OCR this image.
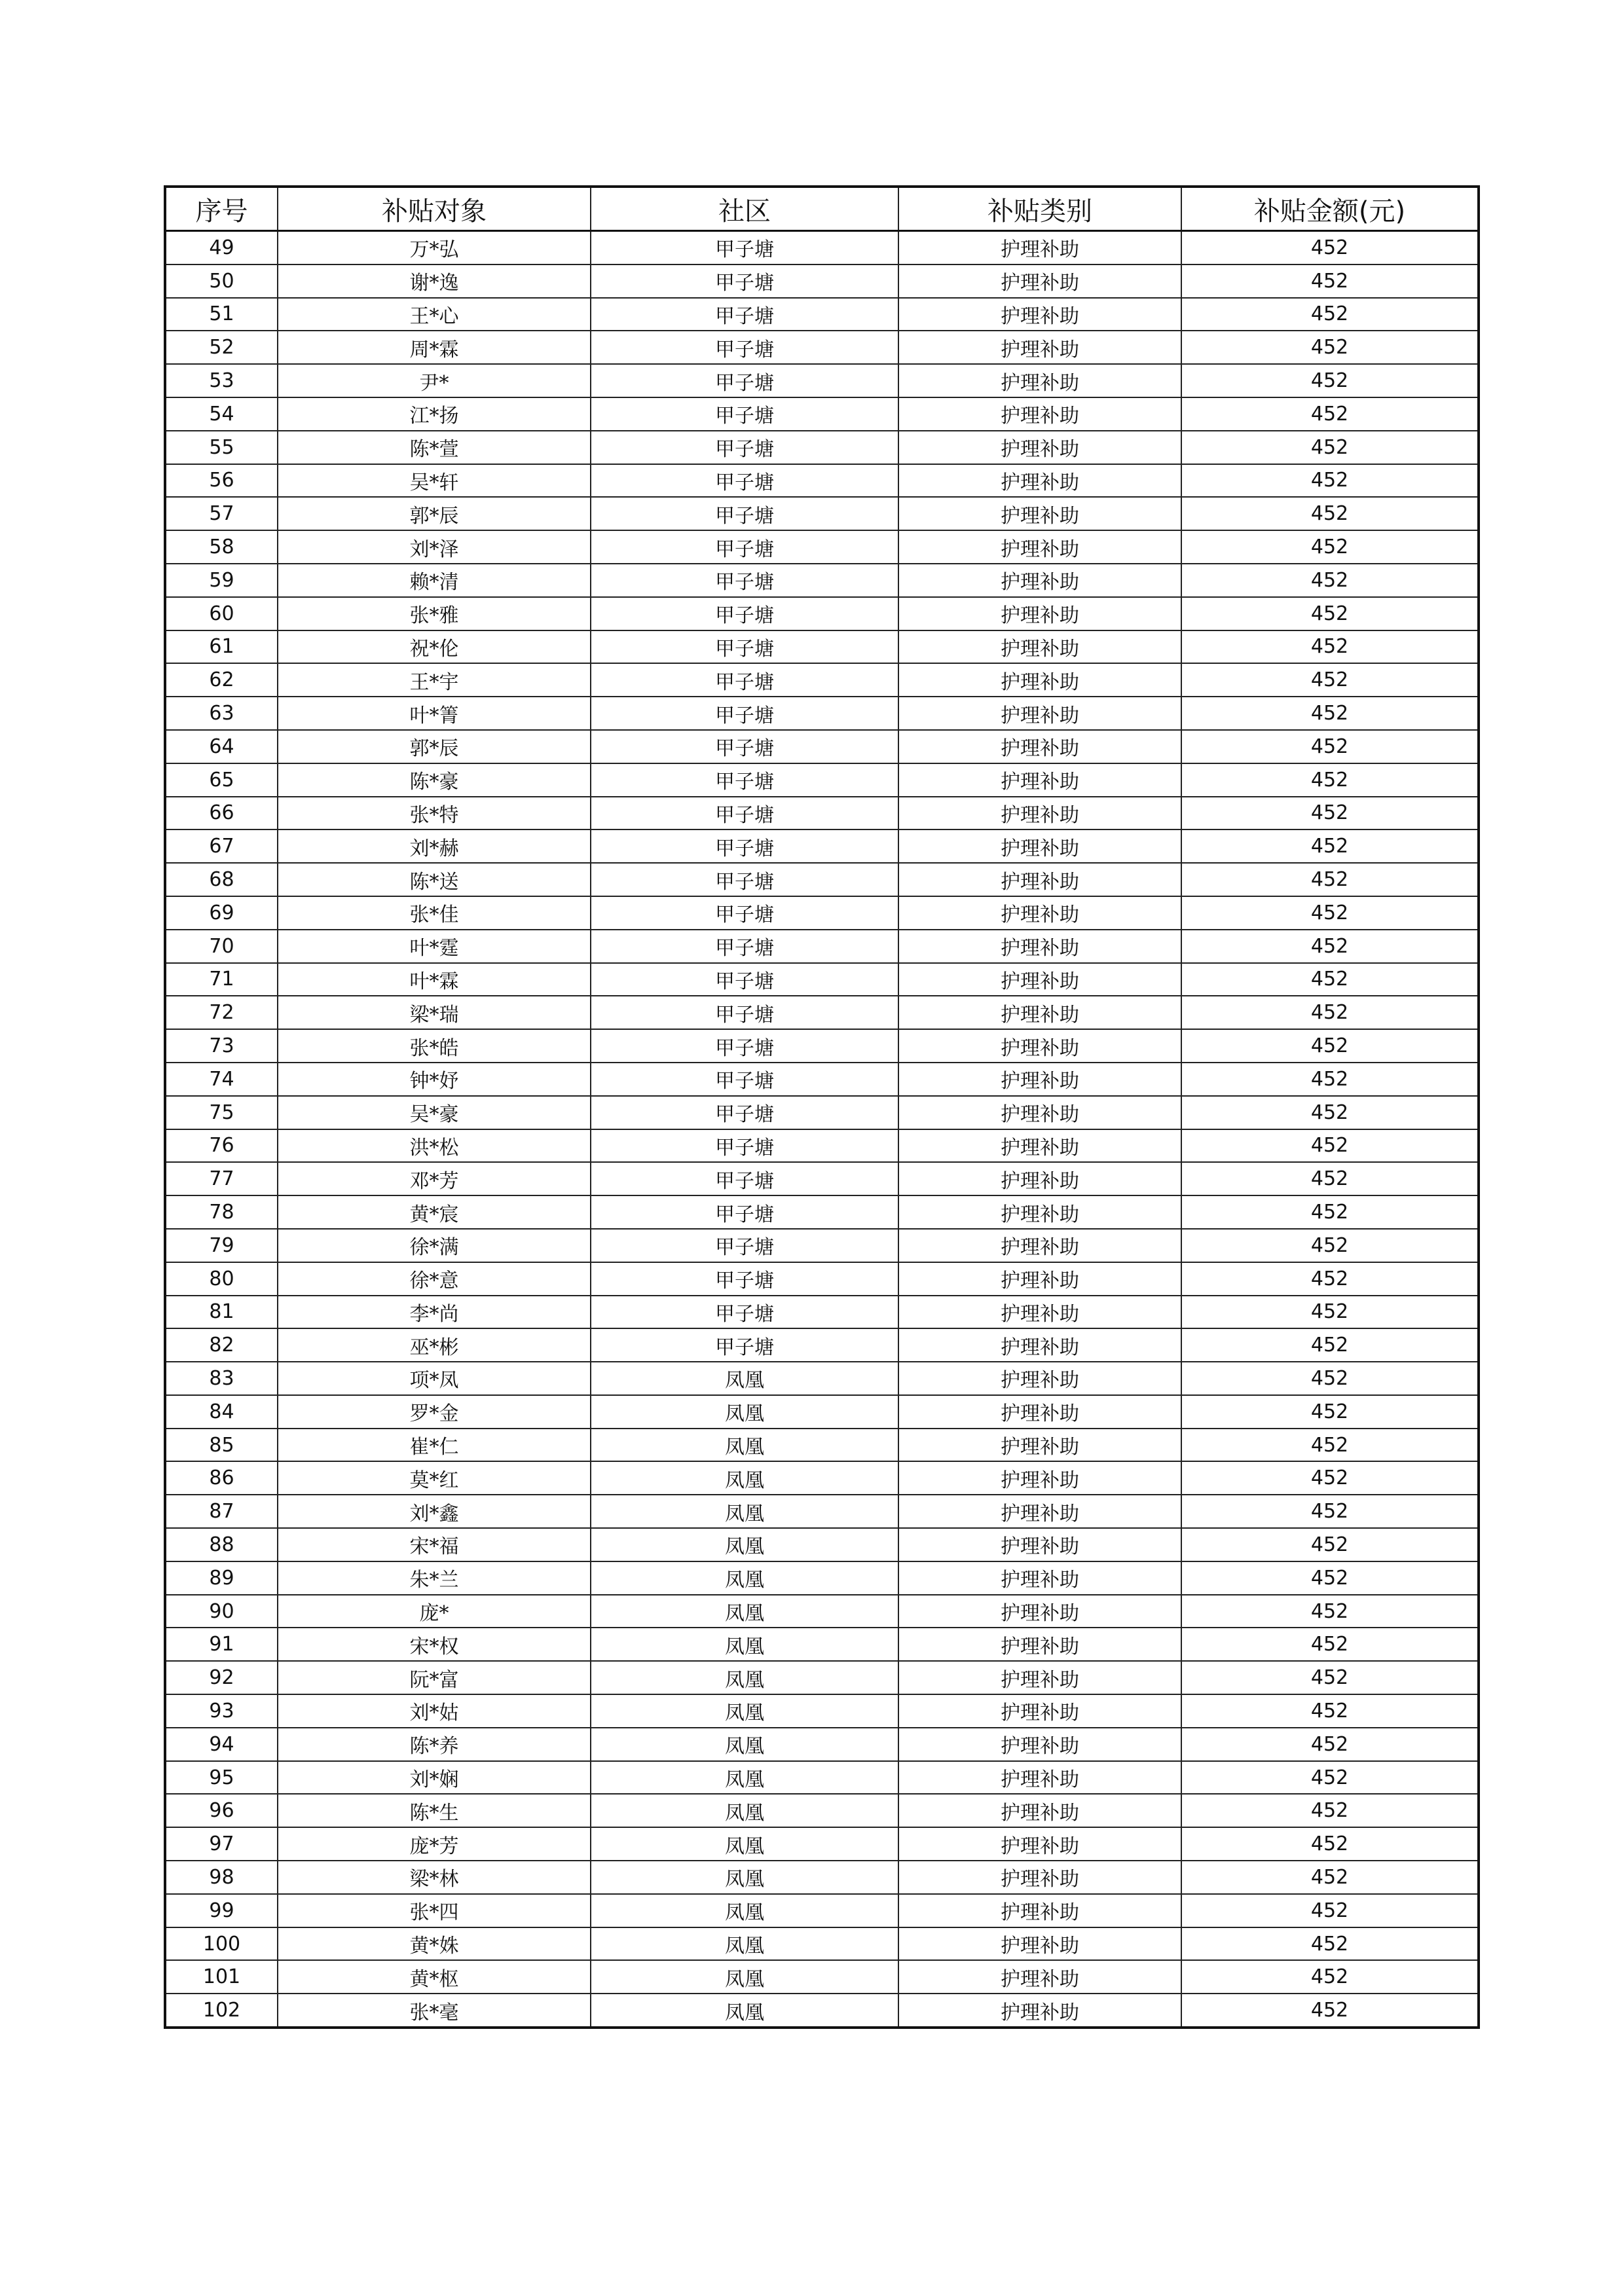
序号	补贴对象	社区	补贴类别	补贴金额(元)
49	万*弘	甲子塘	护理补助	452
50	谢*逸	甲子塘	护理补助	452
51	王*心	甲子塘	护理补助	452
52	周*霖	甲子塘	护理补助	452
53	尹*	甲子塘	护理补助	452
54	江*扬	甲子塘	护理补助	452
55	陈*萱	甲子塘	护理补助	452
56	吴*轩	甲子塘	护理补助	452
57	郭*辰	甲子塘	护理补助	452
58	刘*泽	甲子塘	护理补助	452
59	赖*清	甲子塘	护理补助	452
60	张*雅	甲子塘	护理补助	452
61	祝*伦	甲子塘	护理补助	452
62	王*宇	甲子塘	护理补助	452
63	叶*箐	甲子塘	护理补助	452
64	郭*辰	甲子塘	护理补助	452
65	陈*豪	甲子塘	护理补助	452
66	张*特	甲子塘	护理补助	452
67	刘*赫	甲子塘	护理补助	452
68	陈*送	甲子塘	护理补助	452
69	张*佳	甲子塘	护理补助	452
70	叶*霆	甲子塘	护理补助	452
71	叶*霖	甲子塘	护理补助	452
72	梁*瑞	甲子塘	护理补助	452
73	张*皓	甲子塘	护理补助	452
74	钟*妤	甲子塘	护理补助	452
75	吴*豪	甲子塘	护理补助	452
76	洪*松	甲子塘	护理补助	452
77	邓*芳	甲子塘	护理补助	452
78	黄*宸	甲子塘	护理补助	452
79	徐*满	甲子塘	护理补助	452
80	徐*意	甲子塘	护理补助	452
81	李*尚	甲子塘	护理补助	452
82	巫*彬	甲子塘	护理补助	452
83	项*凤	凤凰	护理补助	452
84	罗*金	凤凰	护理补助	452
85	崔*仁	凤凰	护理补助	452
86	莫*红	凤凰	护理补助	452
87	刘*鑫	凤凰	护理补助	452
88	宋*福	凤凰	护理补助	452
89	朱*兰	凤凰	护理补助	452
90	庞*	凤凰	护理补助	452
91	宋*权	凤凰	护理补助	452
92	阮*富	凤凰	护理补助	452
93	刘*姑	凤凰	护理补助	452
94	陈*养	凤凰	护理补助	452
95	刘*娴	凤凰	护理补助	452
96	陈*生	凤凰	护理补助	452
97	庞*芳	凤凰	护理补助	452
98	梁*林	凤凰	护理补助	452
99	张*四	凤凰	护理补助	452
100	黄*姝	凤凰	护理补助	452
101	黄*枢	凤凰	护理补助	452
102	张*毫	凤凰	护理补助	452
